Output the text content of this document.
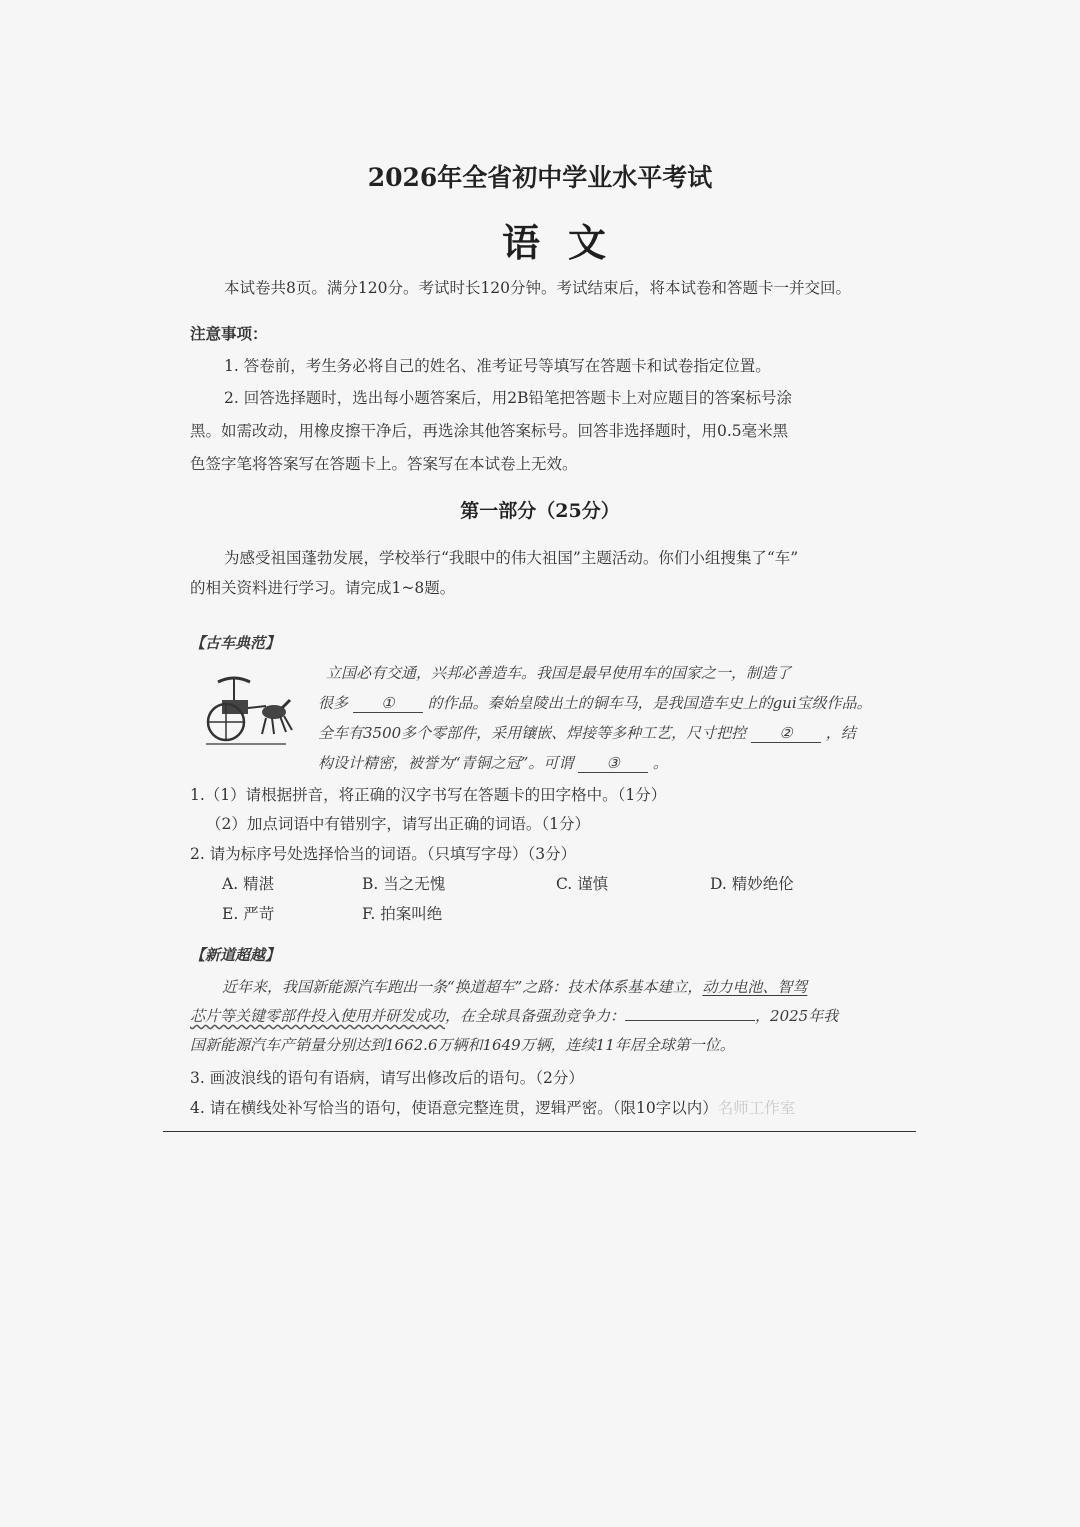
2026年全省初中学业水平考试
语文
本试卷共8页。满分120分。考试时长120分钟。考试结束后，将本试卷和答题卡一并交回。
注意事项：
1. 答卷前，考生务必将自己的姓名、准考证号等填写在答题卡和试卷指定位置。
2. 回答选择题时，选出每小题答案后，用2B铅笔把答题卡上对应题目的答案标号涂
黑。如需改动，用橡皮擦干净后，再选涂其他答案标号。回答非选择题时，用0.5毫米黑
色签字笔将答案写在答题卡上。答案写在本试卷上无效。
第一部分（25分）
为感受祖国蓬勃发展，学校举行“我眼中的伟大祖国”主题活动。你们小组搜集了“车”
的相关资料进行学习。请完成1~8题。
【古车典范】
立国必有交通，兴邦必善造车。我国是最早使用车的国家之一，制造了
很多 ① 的作品。秦始皇陵出土的铜车马，是我国造车史上的gui宝级作品。
全车有3500多个零部件，采用镶嵌、焊接等多种工艺，尺寸把控 ② ，结
构设计精密，被誉为“青铜之冠”。可谓 ③ 。
1.（1）请根据拼音，将正确的汉字书写在答题卡的田字格中。（1分）
（2）加点词语中有错别字，请写出正确的词语。（1分）
2. 请为标序号处选择恰当的词语。（只填写字母）（3分）
A. 精湛	B. 当之无愧	C. 谨慎	D. 精妙绝伦
E. 严苛	F. 拍案叫绝
【新道超越】
近年来，我国新能源汽车跑出一条“换道超车”之路：技术体系基本建立，动力电池、智驾
芯片等关键零部件投入使用并研发成功，在全球具备强劲竞争力：	，2025年我
国新能源汽车产销量分别达到1662.6万辆和1649万辆，连续11年居全球第一位。
3. 画波浪线的语句有语病，请写出修改后的语句。（2分）
4. 请在横线处补写恰当的语句，使语意完整连贯，逻辑严密。（限10字以内）名师工作室
